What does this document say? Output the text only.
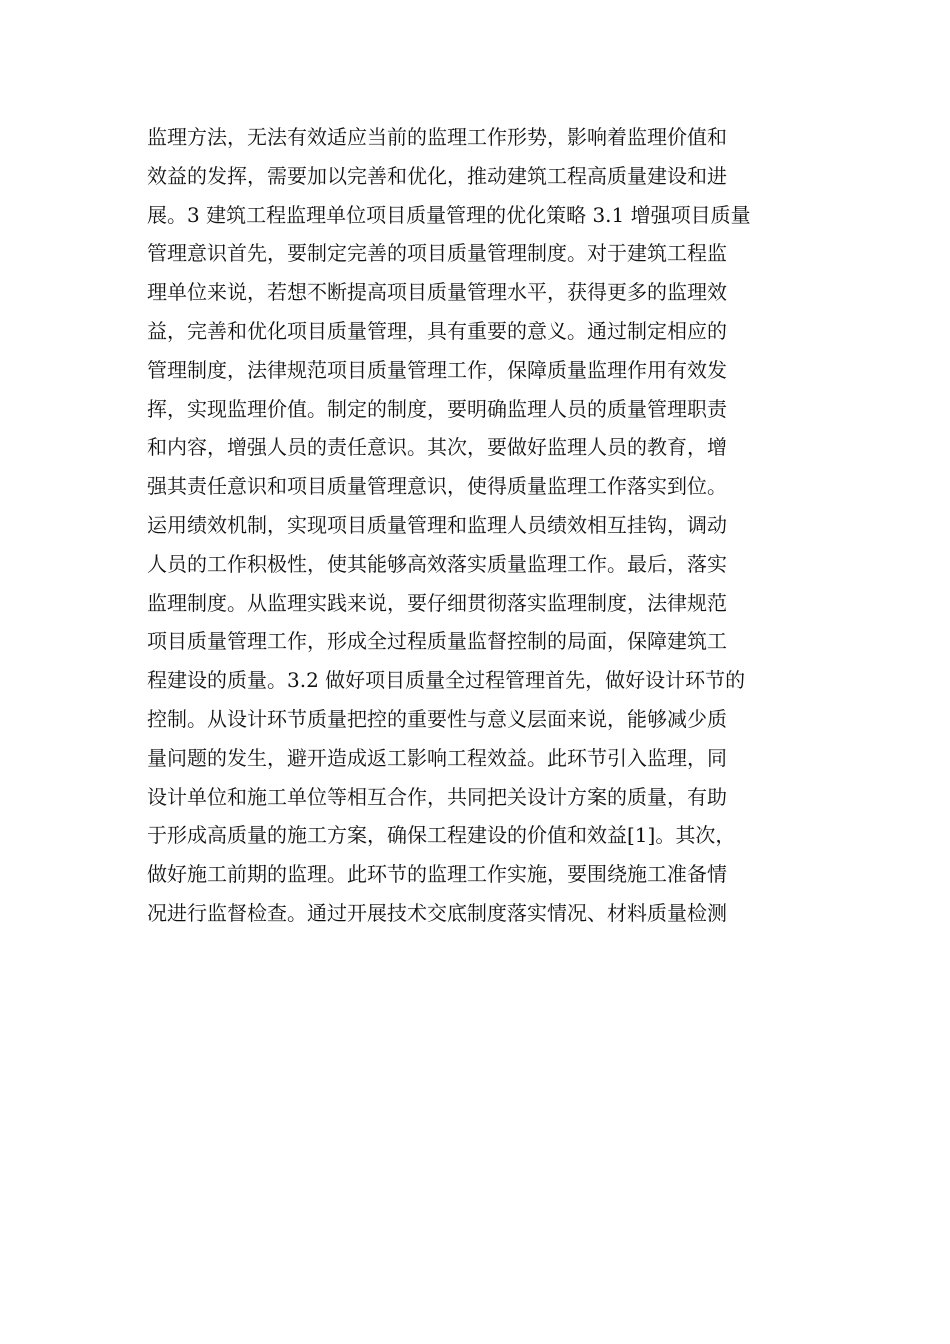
监理方法，无法有效适应当前的监理工作形势，影响着监理价值和

效益的发挥，需要加以完善和优化，推动建筑工程高质量建设和进

展。3 建筑工程监理单位项目质量管理的优化策略 3.1 增强项目质量

管理意识首先，要制定完善的项目质量管理制度。对于建筑工程监

理单位来说，若想不断提高项目质量管理水平，获得更多的监理效

益，完善和优化项目质量管理，具有重要的意义。通过制定相应的

管理制度，法律规范项目质量管理工作，保障质量监理作用有效发

挥，实现监理价值。制定的制度，要明确监理人员的质量管理职责

和内容，增强人员的责任意识。其次，要做好监理人员的教育，增

强其责任意识和项目质量管理意识，使得质量监理工作落实到位。

运用绩效机制，实现项目质量管理和监理人员绩效相互挂钩，调动

人员的工作积极性，使其能够高效落实质量监理工作。最后，落实

监理制度。从监理实践来说，要仔细贯彻落实监理制度，法律规范

项目质量管理工作，形成全过程质量监督控制的局面，保障建筑工

程建设的质量。3.2 做好项目质量全过程管理首先，做好设计环节的

控制。从设计环节质量把控的重要性与意义层面来说，能够减少质

量问题的发生，避开造成返工影响工程效益。此环节引入监理，同

设计单位和施工单位等相互合作，共同把关设计方案的质量，有助

于形成高质量的施工方案，确保工程建设的价值和效益[1]。其次，

做好施工前期的监理。此环节的监理工作实施，要围绕施工准备情

况进行监督检查。通过开展技术交底制度落实情况、材料质量检测
